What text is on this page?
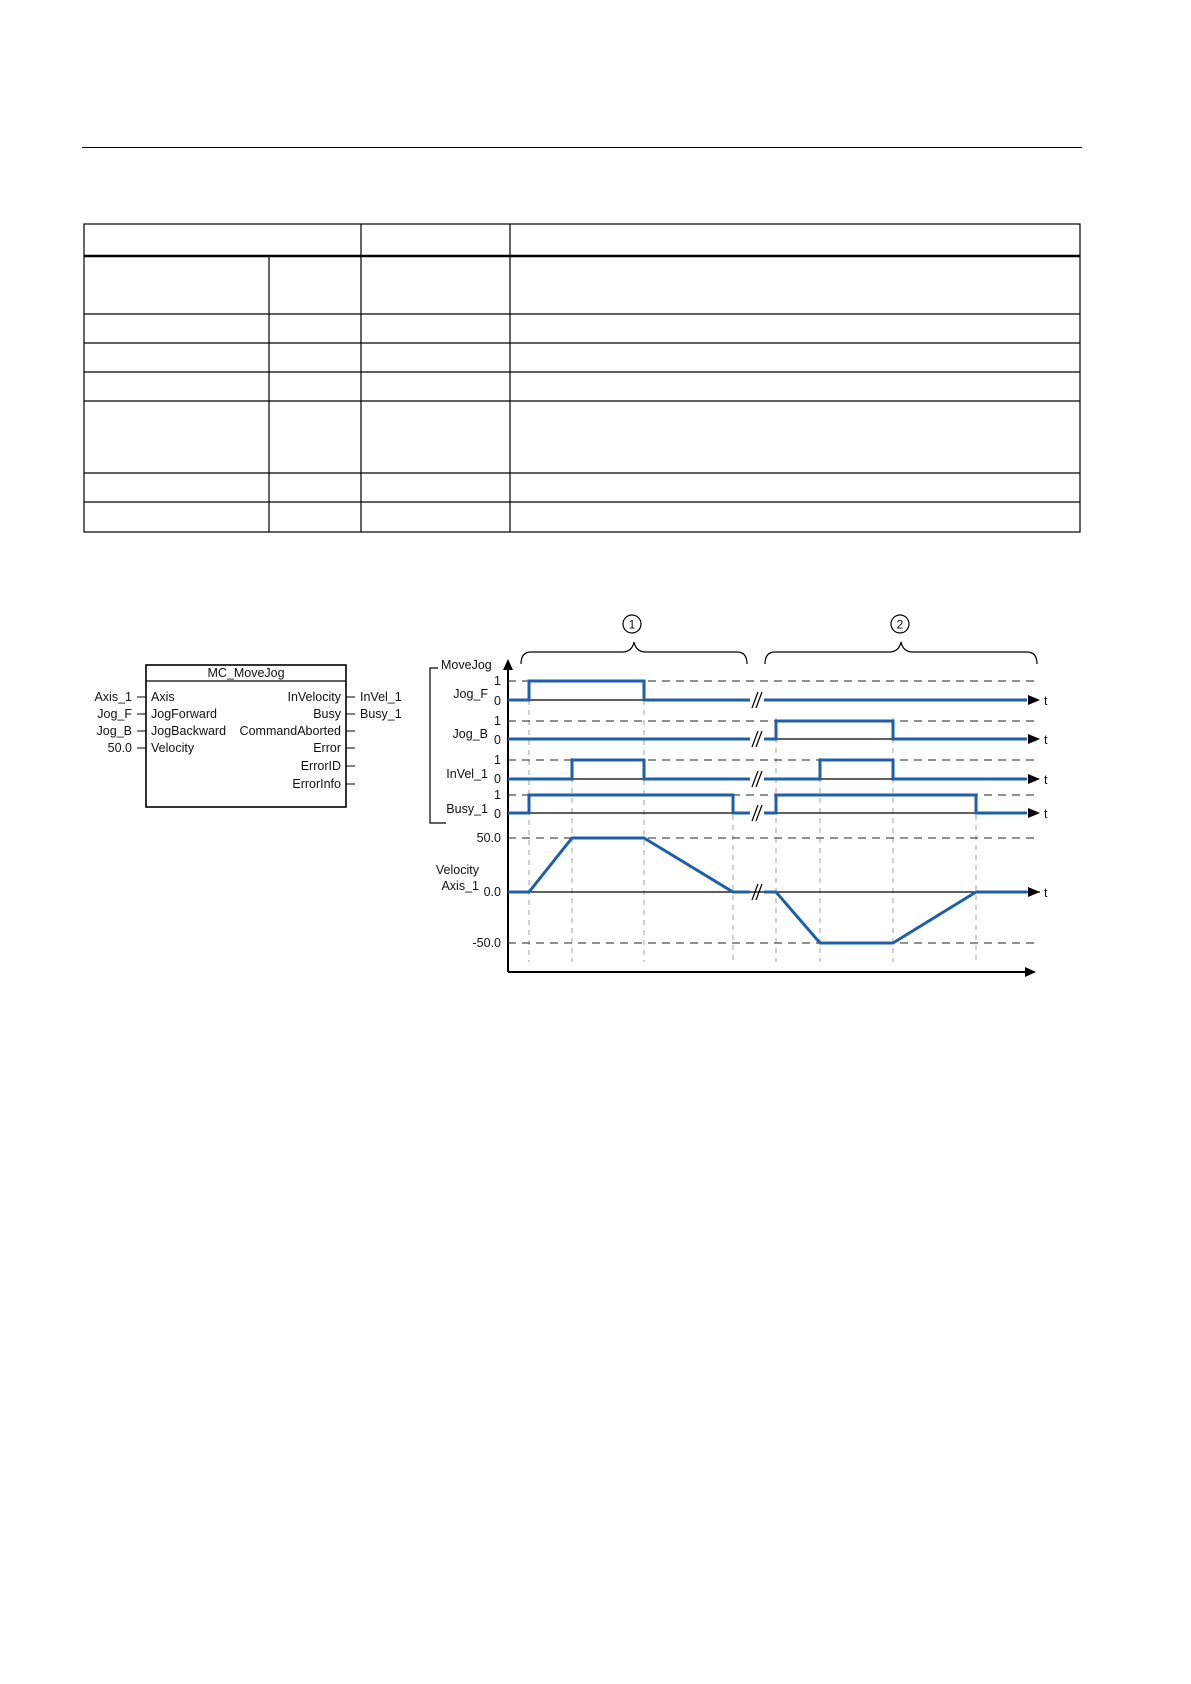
MC_MoveJog
Axis_1
Jog_F
Jog_B
50.0
Axis
JogForward
JogBackward
Velocity
InVelocity
Busy
CommandAborted
Error
ErrorID
ErrorInfo
InVel_1
Busy_1
1	2
MoveJog
t
t
t
t
t
Jog_F
Jog_B
InVel_1
Busy_1
1
0
1
0
1
0
1
0
50.0
0.0
-50.0
Velocity
Axis_1
